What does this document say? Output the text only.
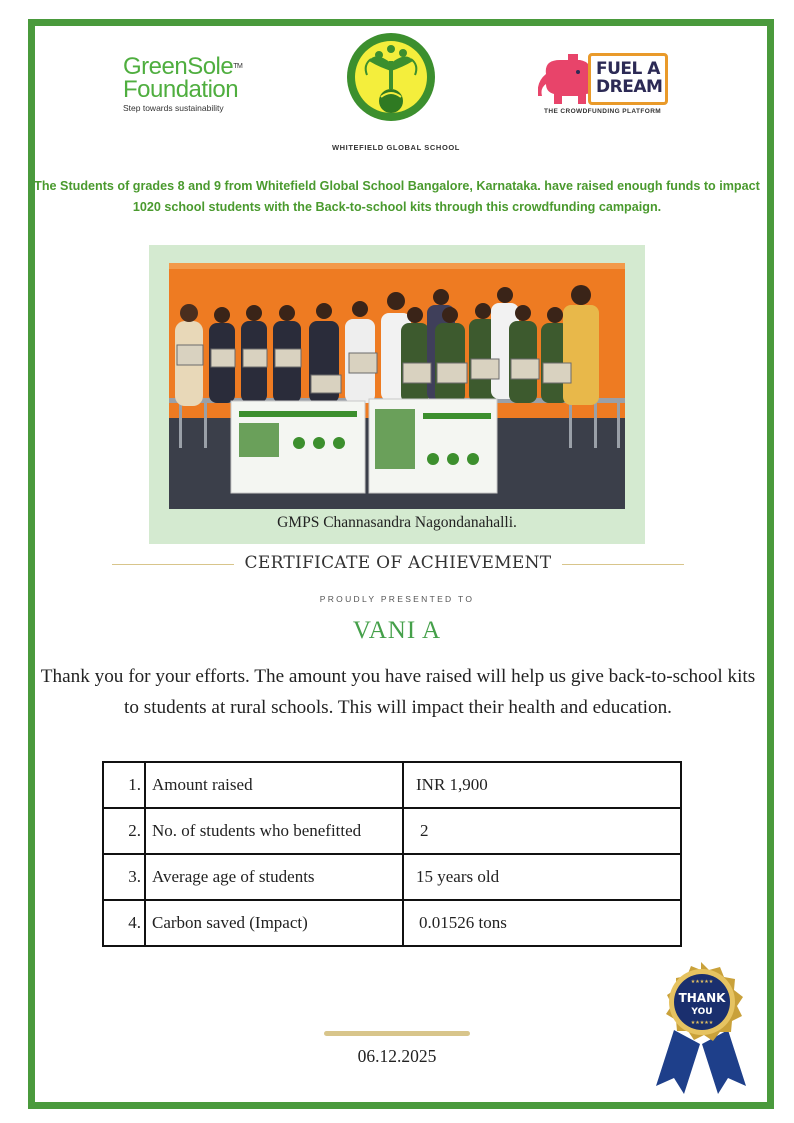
GreenSole™
Foundation
Step towards sustainability
WHITEFIELD GLOBAL SCHOOL
FUEL A
DREAM
THE CROWDFUNDING PLATFORM
The Students of grades 8 and 9 from Whitefield Global School Bangalore, Karnataka. have raised enough funds to impact 1020 school students with the Back-to-school kits through this crowdfunding campaign.
GMPS Channasandra Nagondanahalli.
CERTIFICATE OF ACHIEVEMENT
PROUDLY PRESENTED TO
VANI A
Thank you for your efforts. The amount you have raised will help us give back-to-school kits to students at rural schools. This will impact their health and education.
1.	Amount raised	INR 1,900
2.	No. of students who benefitted	2
3.	Average age of students	15 years old
4.	Carbon saved (Impact)	0.01526 tons
06.12.2025
★★★★★
THANK
YOU
★★★★★
